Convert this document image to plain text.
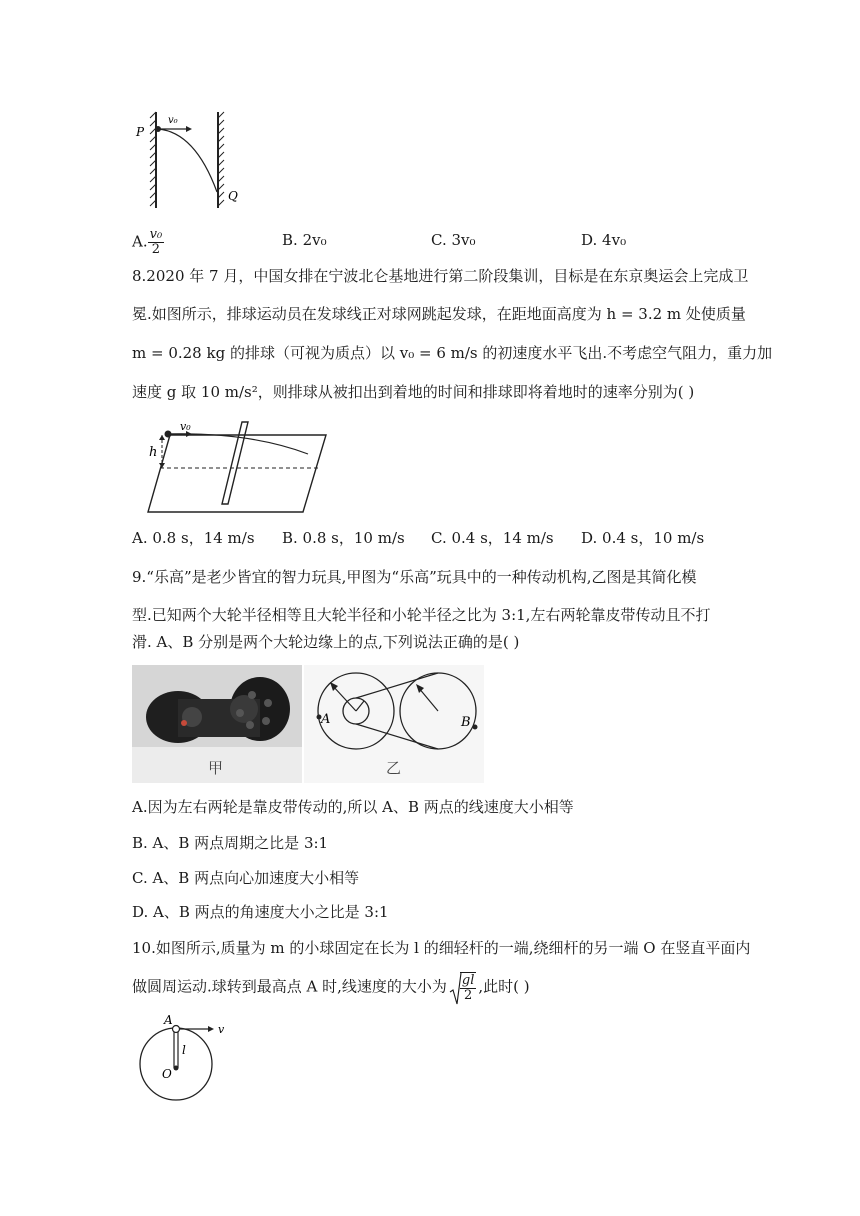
v₀
P
Q
A. $\frac{\text{v₀}}{2}$	B. 2v₀	C. 3v₀	D. 4v₀
8.2020 年 7 月，中国女排在宁波北仑基地进行第二阶段集训，目标是在东京奥运会上完成卫
冕.如图所示，排球运动员在发球线正对球网跳起发球，在距地面高度为 h = 3.2 m 处使质量
m = 0.28 kg 的排球（可视为质点）以 v₀ = 6 m/s 的初速度水平飞出.不考虑空气阻力，重力加
速度 g 取 10 m/s²，则排球从被扣出到着地的时间和排球即将着地时的速率分别为( )
h
v₀
A. 0.8 s，14 m/s B. 0.8 s，10 m/s C. 0.4 s，14 m/s D. 0.4 s，10 m/s
9.“乐高”是老少皆宜的智力玩具,甲图为“乐高”玩具中的一种传动机构,乙图是其简化模
型.已知两个大轮半径相等且大轮半径和小轮半径之比为 3:1,左右两轮靠皮带传动且不打
滑. A、B 分别是两个大轮边缘上的点,下列说法正确的是( )
甲
A	B
乙
A.因为左右两轮是靠皮带传动的,所以 A、B 两点的线速度大小相等
B. A、B 两点周期之比是 3:1
C. A、B 两点向心加速度大小相等
D. A、B 两点的角速度大小之比是 3:1
10.如图所示,质量为 m 的小球固定在长为 l 的细轻杆的一端,绕细杆的另一端 O 在竖直平面内
做圆周运动.球转到最高点 A 时,线速度的大小为 $\frac{gl}{2}$ ,此时( )
A
v
l
O
